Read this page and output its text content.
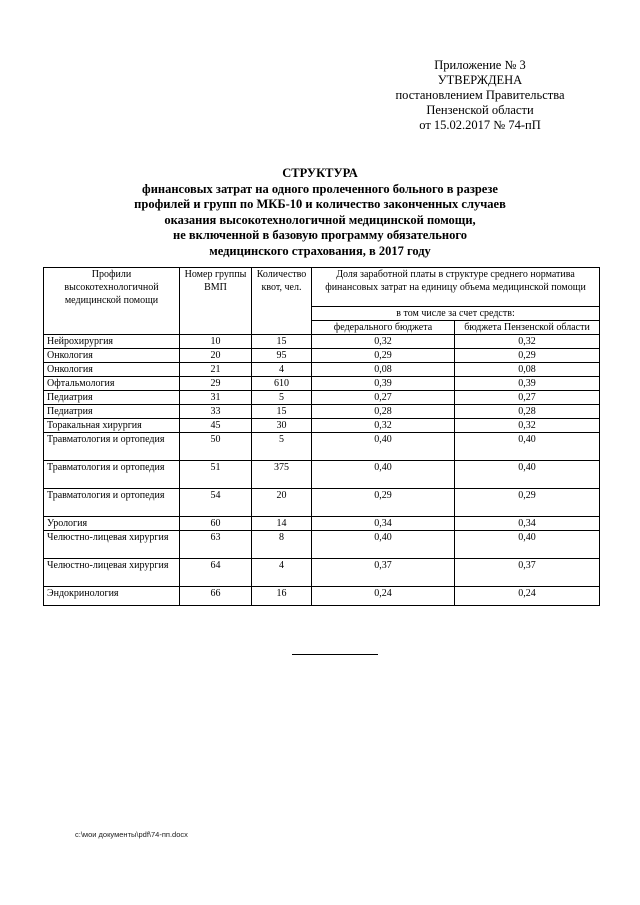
Приложение № 3
УТВЕРЖДЕНА
постановлением Правительства
Пензенской области
от 15.02.2017 № 74-пП
СТРУКТУРА
финансовых затрат на одного пролеченного больного в разрезе
профилей и групп по МКБ-10 и количество законченных случаев
оказания высокотехнологичной медицинской помощи,
не включенной в базовую программу обязательного
медицинского страхования, в 2017 году
Профили высокотехнологичной медицинской помощи	Номер группы ВМП	Количество квот, чел.	Доля заработной платы в структуре среднего норматива финансовых затрат на единицу объема медицинской помощи	
			в том числе за счет средств:	
			федерального бюджета	бюджета Пензенской области
Нейрохирургия	10	15	0,32	0,32
Онкология	20	95	0,29	0,29
Онкология	21	4	0,08	0,08
Офтальмология	29	610	0,39	0,39
Педиатрия	31	5	0,27	0,27
Педиатрия	33	15	0,28	0,28
Торакальная хирургия	45	30	0,32	0,32
Травматология и ортопедия	50	5	0,40	0,40
Травматология и ортопедия	51	375	0,40	0,40
Травматология и ортопедия	54	20	0,29	0,29
Урология	60	14	0,34	0,34
Челюстно-лицевая хирургия	63	8	0,40	0,40
Челюстно-лицевая хирургия	64	4	0,37	0,37
Эндокринология	66	16	0,24	0,24
c:\мои документы\pdf\74-пп.docx
